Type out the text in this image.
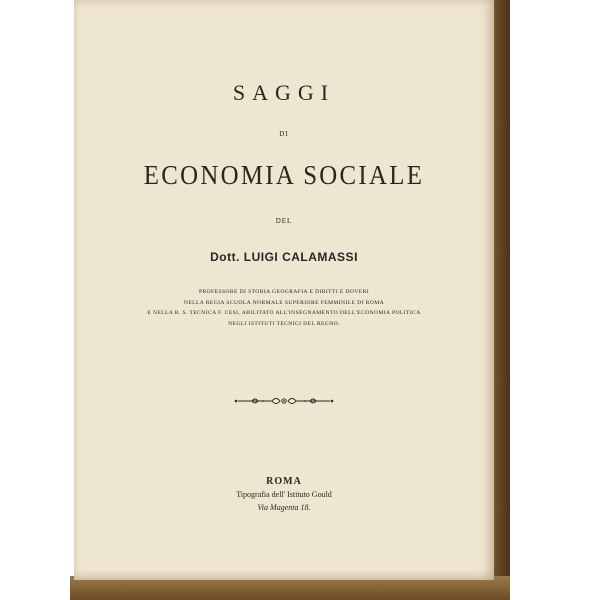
SAGGI
DI
ECONOMIA SOCIALE
DEL
Dott. LUIGI CALAMASSI
PROFESSORE DI STORIA GEOGRAFIA E DIRITTI E DOVERI
NELLA REGIA SCUOLA NORMALE SUPERIORE FEMMINILE DI ROMA
E NELLA R. S. TECNICA F. CESI, ABILITATO ALL'INSEGNAMENTO DELL'ECONOMIA POLITICA
NEGLI ISTITUTI TECNICI DEL REGNO.
ROMA
Tipografia dell' Istituto Gould
Via Magenta 18.
